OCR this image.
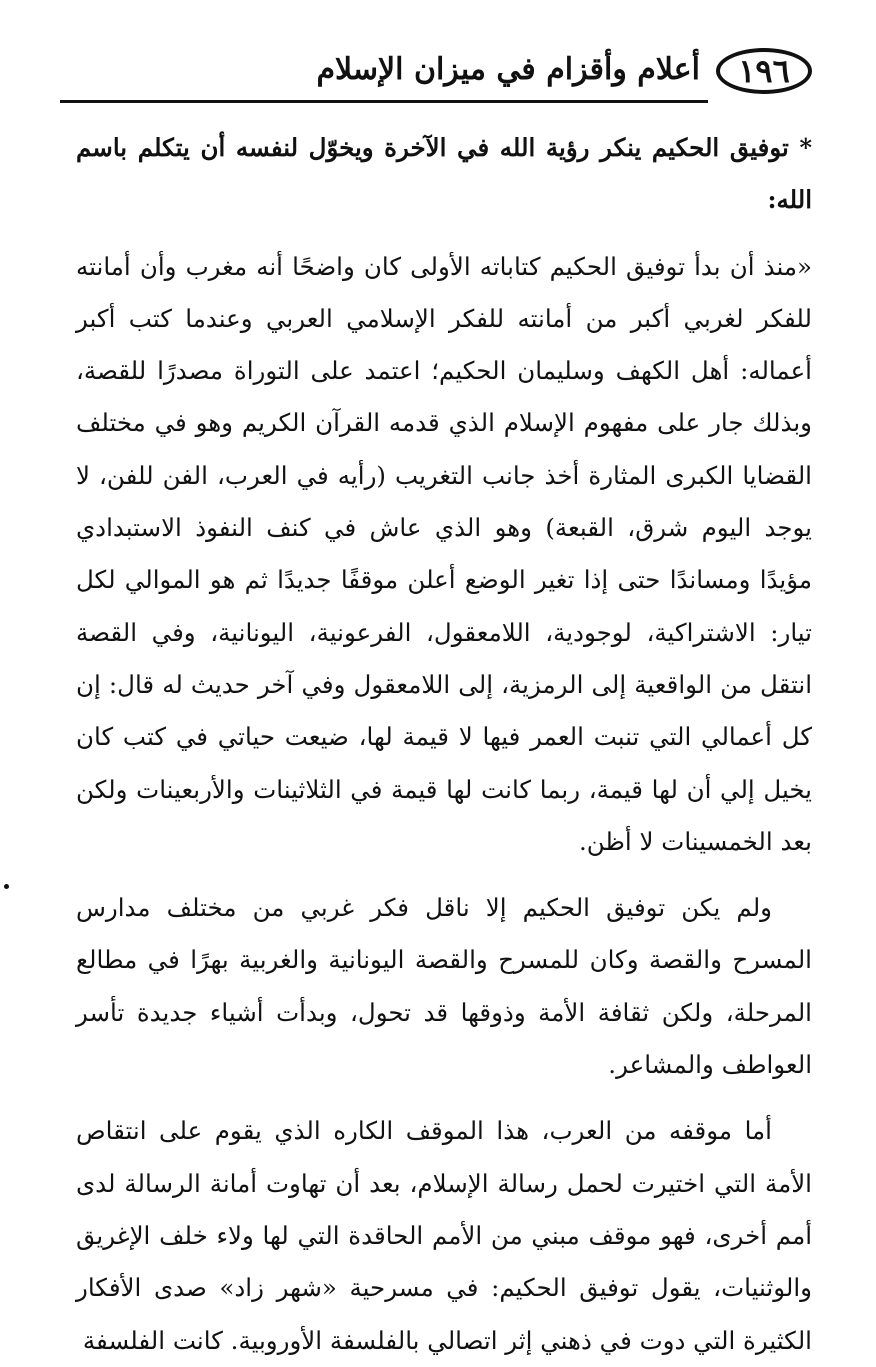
١٩٦
أعلام وأقزام في ميزان الإسلام

* توفيق الحكيم ينكر رؤية الله في الآخرة ويخوّل لنفسه أن يتكلم باسم الله:

«منذ أن بدأ توفيق الحكيم كتاباته الأولى كان واضحًا أنه مغرب وأن أمانته للفكر لغربي أكبر من أمانته للفكر الإسلامي العربي وعندما كتب أكبر أعماله: أهل الكهف وسليمان الحكيم؛ اعتمد على التوراة مصدرًا للقصة، وبذلك جار على مفهوم الإسلام الذي قدمه القرآن الكريم وهو في مختلف القضايا الكبرى المثارة أخذ جانب التغريب (رأيه في العرب، الفن للفن، لا يوجد اليوم شرق، القبعة) وهو الذي عاش في كنف النفوذ الاستبدادي مؤيدًا ومساندًا حتى إذا تغير الوضع أعلن موقفًا جديدًا ثم هو الموالي لكل تيار: الاشتراكية، لوجودية، اللامعقول، الفرعونية، اليونانية، وفي القصة انتقل من الواقعية إلى الرمزية، إلى اللامعقول وفي آخر حديث له قال: إن كل أعمالي التي تنبت العمر فيها لا قيمة لها، ضيعت حياتي في كتب كان يخيل إلي أن لها قيمة، ربما كانت لها قيمة في الثلاثينات والأربعينات ولكن بعد الخمسينات لا أظن.

ولم يكن توفيق الحكيم إلا ناقل فكر غربي من مختلف مدارس المسرح والقصة وكان للمسرح والقصة اليونانية والغربية بهرًا في مطالع المرحلة، ولكن ثقافة الأمة وذوقها قد تحول، وبدأت أشياء جديدة تأسر العواطف والمشاعر.

أما موقفه من العرب، هذا الموقف الكاره الذي يقوم على انتقاص الأمة التي اختيرت لحمل رسالة الإسلام، بعد أن تهاوت أمانة الرسالة لدى أمم أخرى، فهو موقف مبني من الأمم الحاقدة التي لها ولاء خلف الإغريق والوثنيات، يقول توفيق الحكيم: في مسرحية «شهر زاد» صدى الأفكار الكثيرة التي دوت في ذهني إثر اتصالي بالفلسفة الأوروبية. كانت الفلسفة
